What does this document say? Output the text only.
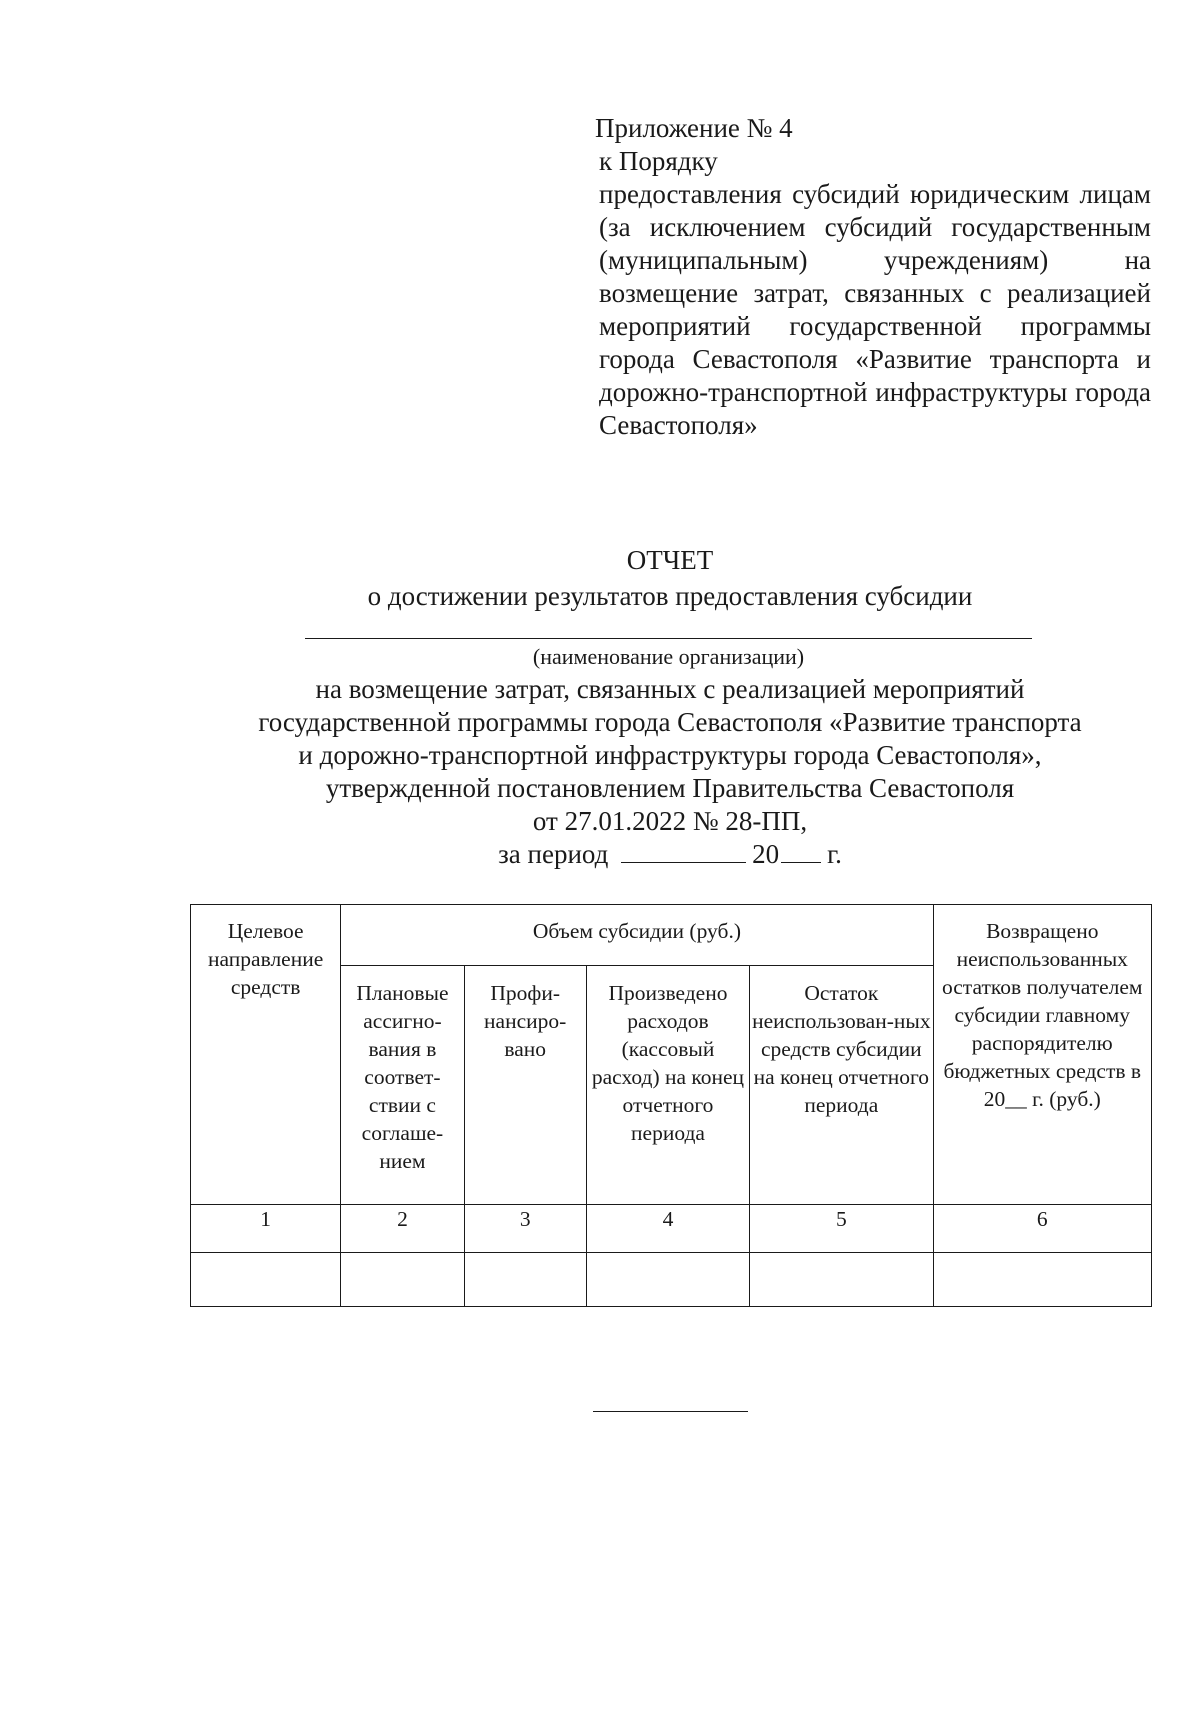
Приложение № 4
к Порядку
предоставления субсидий юридическим лицам (за исключением субсидий государственным (муниципальным) учреждениям) на возмещение затрат, связанных с реализацией мероприятий государственной программы города Севастополя «Развитие транспорта и дорожно-транспортной инфраструктуры города Севастополя»
ОТЧЕТ
о достижении результатов предоставления субсидии
(наименование организации)
на возмещение затрат, связанных с реализацией мероприятий
государственной программы города Севастополя «Развитие транспорта
и дорожно-транспортной инфраструктуры города Севастополя»,
утвержденной постановлением Правительства Севастополя
от 27.01.2022 № 28-ПП,
за период	20 г.
Целевое направление средств	Объем субсидии (руб.)				Возвращено неиспользованных остатков получателем субсидии главному распорядителю бюджетных средств в 20__ г. (руб.)
	Плановые ассигно-вания в соответ-ствии с соглаше-нием	Профи-нансиро-вано	Произведено расходов (кассовый расход) на конец отчетного периода	Остаток неиспользован-ных средств субсидии на конец отчетного периода	
1	2	3	4	5	6
